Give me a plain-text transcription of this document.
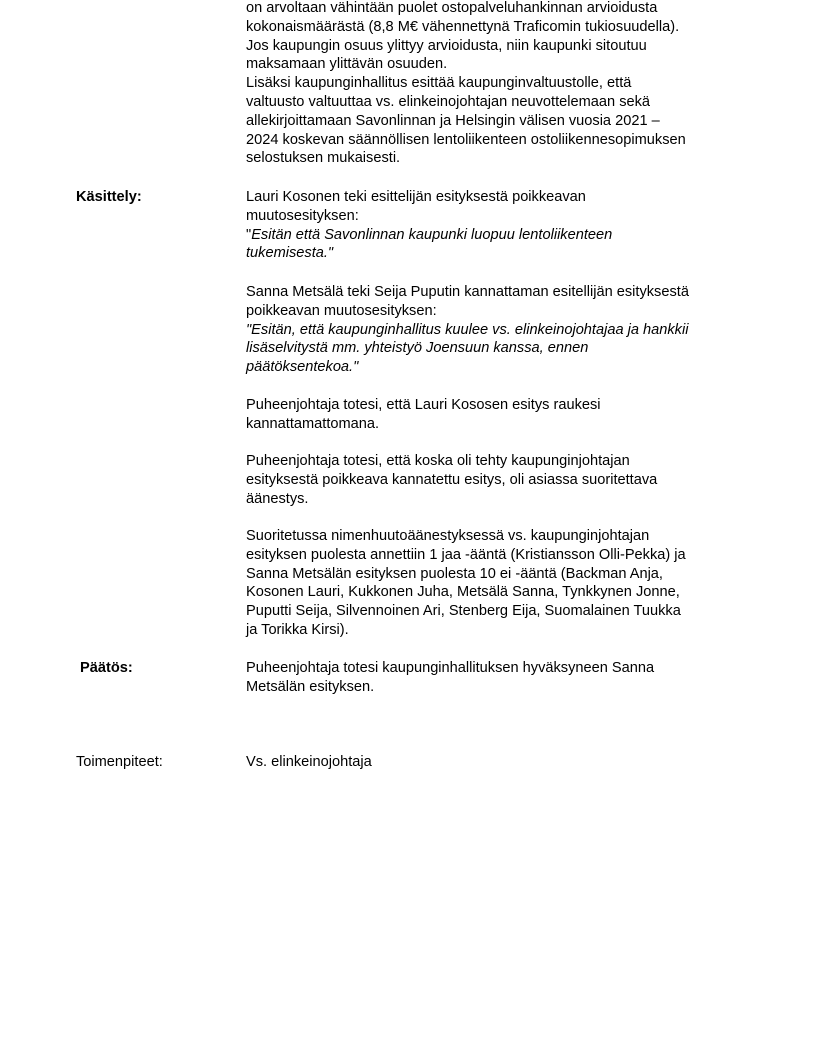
on arvoltaan vähintään puolet ostopalveluhankinnan arvioidusta
kokonaismäärästä (8,8 M€ vähennettynä Traficomin tukiosuudella).
Jos kaupungin osuus ylittyy arvioidusta, niin kaupunki sitoutuu
maksamaan ylittävän osuuden.
Lisäksi kaupunginhallitus esittää kaupunginvaltuustolle, että
valtuusto valtuuttaa vs. elinkeinojohtajan neuvottelemaan sekä
allekirjoittamaan Savonlinnan ja Helsingin välisen vuosia 2021 –
2024 koskevan säännöllisen lentoliikenteen ostoliikennesopimuksen
selostuksen mukaisesti.
Käsittely:	Lauri Kosonen teki esittelijän esityksestä poikkeavan
muutosesityksen:
"Esitän että Savonlinnan kaupunki luopuu lentoliikenteen
tukemisesta."
Sanna Metsälä teki Seija Puputin kannattaman esitellijän esityksestä
poikkeavan muutosesityksen:
"Esitän, että kaupunginhallitus kuulee vs. elinkeinojohtajaa ja hankkii
lisäselvitystä mm. yhteistyö Joensuun kanssa, ennen
päätöksentekoa."
Puheenjohtaja totesi, että Lauri Kososen esitys raukesi
kannattamattomana.
Puheenjohtaja totesi, että koska oli tehty kaupunginjohtajan
esityksestä poikkeava kannatettu esitys, oli asiassa suoritettava
äänestys.
Suoritetussa nimenhuutoäänestyksessä vs. kaupunginjohtajan
esityksen puolesta annettiin 1 jaa -ääntä (Kristiansson Olli-Pekka) ja
Sanna Metsälän esityksen puolesta 10 ei -ääntä (Backman Anja,
Kosonen Lauri, Kukkonen Juha, Metsälä Sanna, Tynkkynen Jonne,
Puputti Seija, Silvennoinen Ari, Stenberg Eija, Suomalainen Tuukka
ja Torikka Kirsi).
Päätös:	Puheenjohtaja totesi kaupunginhallituksen hyväksyneen Sanna
Metsälän esityksen.
Toimenpiteet:	Vs. elinkeinojohtaja
